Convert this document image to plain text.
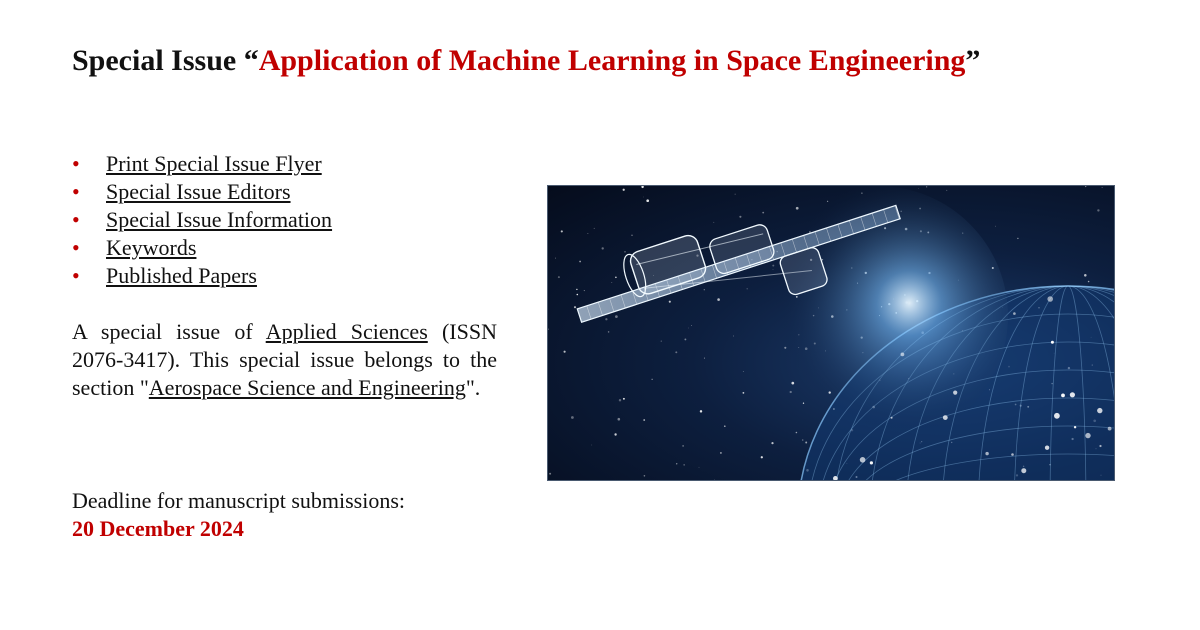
Special Issue “Application of Machine Learning in Space Engineering”
• Print Special Issue Flyer
• Special Issue Editors
• Special Issue Information
• Keywords
• Published Papers
A special issue of Applied Sciences (ISSN 2076-3417). This special issue belongs to the section "Aerospace Science and Engineering".
Deadline for manuscript submissions:
20 December 2024
